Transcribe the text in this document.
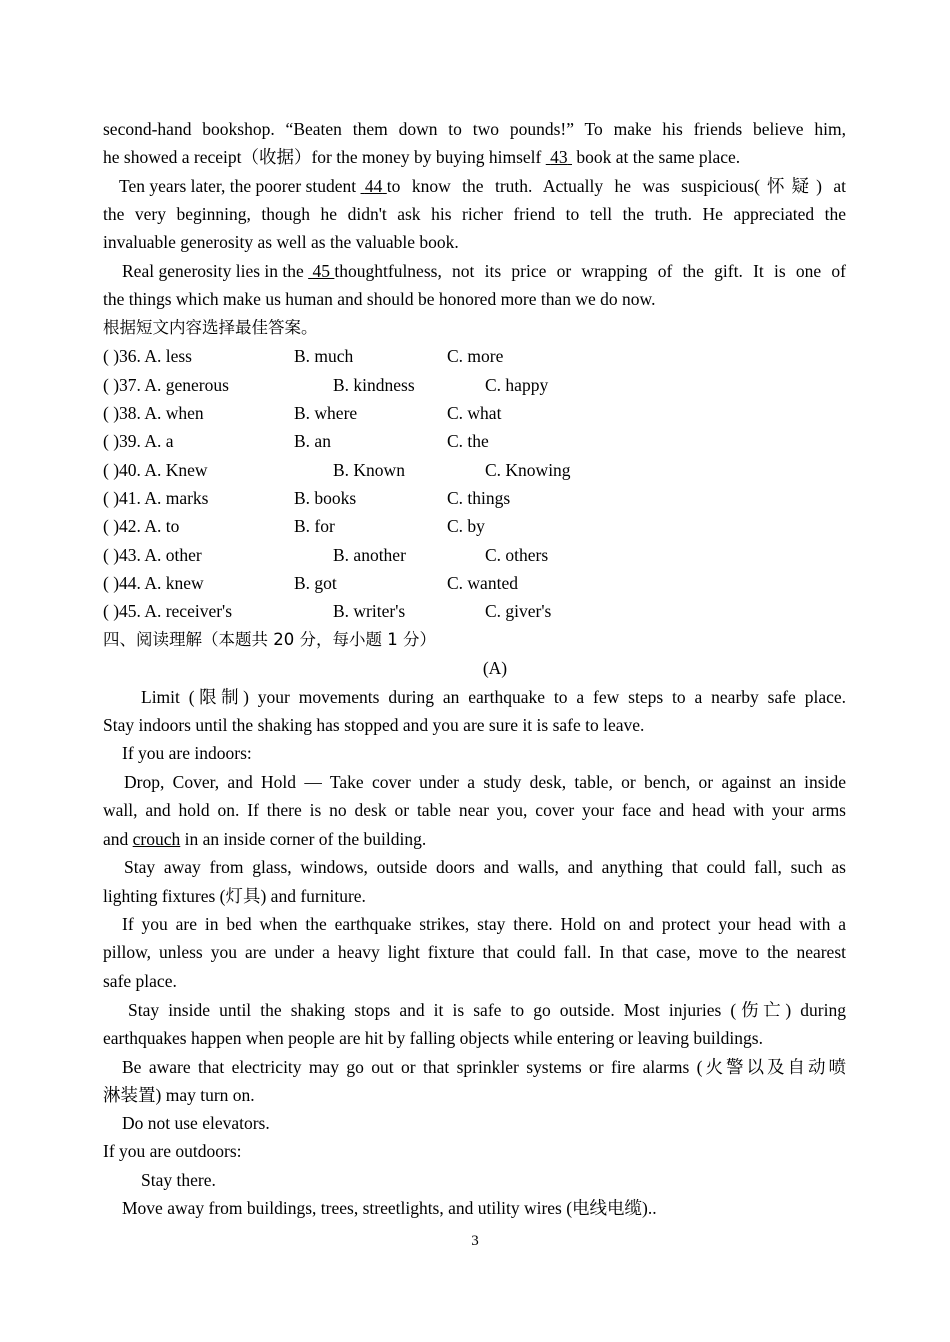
second-hand bookshop. “Beaten them down to two pounds!” To make his friends believe him,
he showed a receipt（收据）for the money by buying himself  43  book at the same place.
Ten years later, the poorer student 44 to know the truth. Actually he was suspicious(怀疑) at
the very beginning, though he didn't ask his richer friend to tell the truth. He appreciated the
invaluable generosity as well as the valuable book.
Real generosity lies in the 45 thoughtfulness, not its price or wrapping of the gift. It is one of
the things which make us human and should be honored more than we do now.
根据短文内容选择最佳答案。
( )36. A. less	B. much	C. more
( )37. A. generous	B. kindness	C. happy
( )38. A. when	B. where	C. what
( )39. A. a	B. an	C. the
( )40. A. Knew	B. Known	C. Knowing
( )41. A. marks	B. books	C. things
( )42. A. to	B. for	C. by
( )43. A. other	B. another	C. others
( )44. A. knew	B. got	C. wanted
( )45. A. receiver's	B. writer's	C. giver's
四、阅读理解（本题共 20 分，每小题 1 分）
(A)
Limit (限制) your movements during an earthquake to a few steps to a nearby safe place.
Stay indoors until the shaking has stopped and you are sure it is safe to leave.
If you are indoors:
Drop, Cover, and Hold — Take cover under a study desk, table, or bench, or against an inside
wall, and hold on. If there is no desk or table near you, cover your face and head with your arms
and crouch in an inside corner of the building.
Stay away from glass, windows, outside doors and walls, and anything that could fall, such as
lighting fixtures (灯具) and furniture.
If you are in bed when the earthquake strikes, stay there. Hold on and protect your head with a
pillow, unless you are under a heavy light fixture that could fall. In that case, move to the nearest
safe place.
Stay inside until the shaking stops and it is safe to go outside. Most injuries (伤亡) during
earthquakes happen when people are hit by falling objects while entering or leaving buildings.
Be aware that electricity may go out or that sprinkler systems or fire alarms (火警以及自动喷
淋装置) may turn on.
Do not use elevators.
If you are outdoors:
Stay there.
Move away from buildings, trees, streetlights, and utility wires (电线电缆)..
3
